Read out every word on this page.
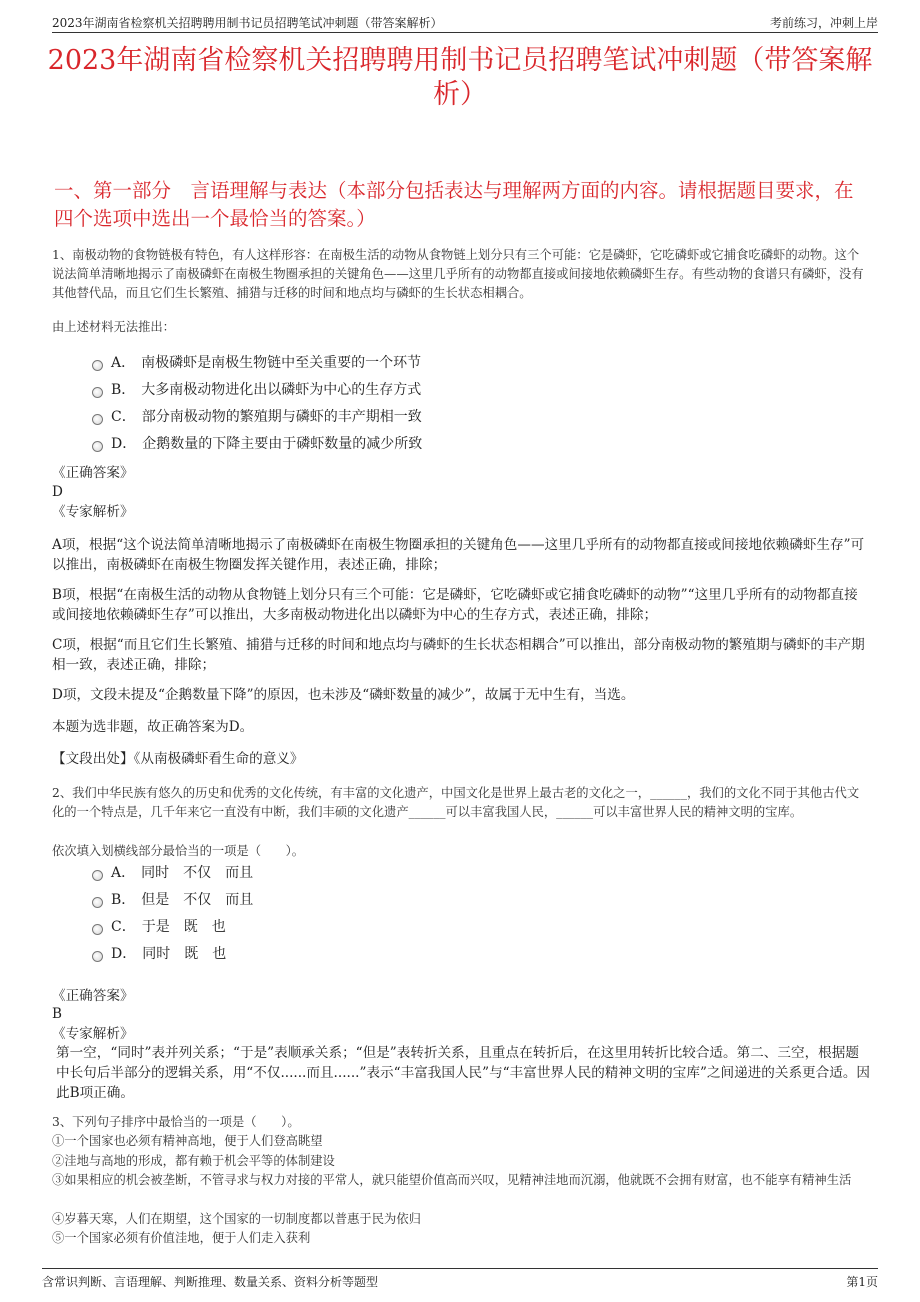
2023年湖南省检察机关招聘聘用制书记员招聘笔试冲刺题（带答案解析）	考前练习，冲刺上岸
2023年湖南省检察机关招聘聘用制书记员招聘笔试冲刺题（带答案解析）
一、第一部分　言语理解与表达（本部分包括表达与理解两方面的内容。请根据题目要求，在四个选项中选出一个最恰当的答案。）

1、南极动物的食物链极有特色，有人这样形容：在南极生活的动物从食物链上划分只有三个可能：它是磷虾，它吃磷虾或它捕食吃磷虾的动物。这个说法简单清晰地揭示了南极磷虾在南极生物圈承担的关键角色——这里几乎所有的动物都直接或间接地依赖磷虾生存。有些动物的食谱只有磷虾，没有其他替代品，而且它们生长繁殖、捕猎与迁移的时间和地点均与磷虾的生长状态相耦合。

由上述材料无法推出：

A． 南极磷虾是南极生物链中至关重要的一个环节
B． 大多南极动物进化出以磷虾为中心的生存方式
C． 部分南极动物的繁殖期与磷虾的丰产期相一致
D． 企鹅数量的下降主要由于磷虾数量的减少所致

《正确答案》

D

《专家解析》

A项，根据“这个说法简单清晰地揭示了南极磷虾在南极生物圈承担的关键角色——这里几乎所有的动物都直接或间接地依赖磷虾生存”可以推出，南极磷虾在南极生物圈发挥关键作用，表述正确，排除；

B项，根据“在南极生活的动物从食物链上划分只有三个可能：它是磷虾，它吃磷虾或它捕食吃磷虾的动物”“这里几乎所有的动物都直接或间接地依赖磷虾生存”可以推出，大多南极动物进化出以磷虾为中心的生存方式，表述正确，排除；

C项，根据“而且它们生长繁殖、捕猎与迁移的时间和地点均与磷虾的生长状态相耦合”可以推出，部分南极动物的繁殖期与磷虾的丰产期相一致，表述正确，排除；

D项，文段未提及“企鹅数量下降”的原因，也未涉及“磷虾数量的减少”，故属于无中生有，当选。

本题为选非题，故正确答案为D。

【文段出处】《从南极磷虾看生命的意义》

2、我们中华民族有悠久的历史和优秀的文化传统，有丰富的文化遗产，中国文化是世界上最古老的文化之一，______，我们的文化不同于其他古代文化的一个特点是，几千年来它一直没有中断，我们丰硕的文化遗产______可以丰富我国人民，______可以丰富世界人民的精神文明的宝库。

依次填入划横线部分最恰当的一项是（　　）。

A． 同时　不仅　而且
B． 但是　不仅　而且
C． 于是　既　也
D． 同时　既　也

《正确答案》

B

《专家解析》

第一空，“同时”表并列关系；“于是”表顺承关系；“但是”表转折关系，且重点在转折后，在这里用转折比较合适。第二、三空，根据题中长句后半部分的逻辑关系，用“不仅......而且......”表示“丰富我国人民”与“丰富世界人民的精神文明的宝库”之间递进的关系更合适。因此B项正确。

3、下列句子排序中最恰当的一项是（　　）。

①一个国家也必须有精神高地，便于人们登高眺望

②洼地与高地的形成，都有赖于机会平等的体制建设

③如果相应的机会被垄断，不管寻求与权力对接的平常人，就只能望价值高而兴叹，见精神洼地而沉溺，他就既不会拥有财富，也不能享有精神生活

④岁暮天寒，人们在期望，这个国家的一切制度都以普惠于民为依归

⑤一个国家必须有价值洼地，便于人们走入获利

含常识判断、言语理解、判断推理、数量关系、资料分析等题型	第1页
